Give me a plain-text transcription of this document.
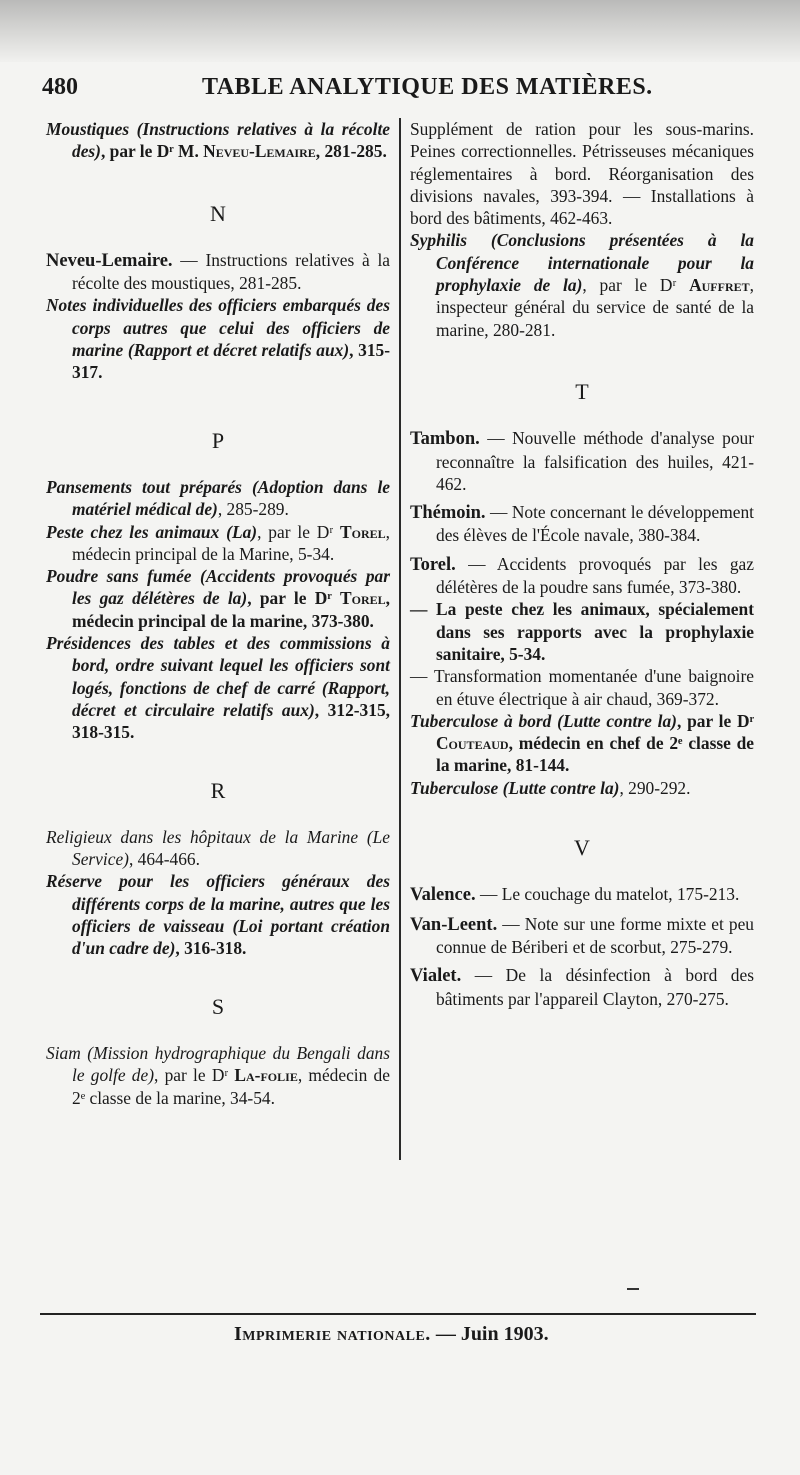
480	TABLE ANALYTIQUE DES MATIÈRES.
Moustiques (Instructions relatives à la récolte des), par le Dʳ M. Neveu-Lemaire, 281-285.
N
Neveu-Lemaire. — Instructions relatives à la récolte des moustiques, 281-285.
Notes individuelles des officiers embarqués des corps autres que celui des officiers de marine (Rapport et décret relatifs aux), 315-317.
P
Pansements tout préparés (Adoption dans le matériel médical de), 285-289.
Peste chez les animaux (La), par le Dʳ Torel, médecin principal de la Marine, 5-34.
Poudre sans fumée (Accidents provoqués par les gaz délétères de la), par le Dʳ Torel, médecin principal de la marine, 373-380.
Présidences des tables et des commissions à bord, ordre suivant lequel les officiers sont logés, fonctions de chef de carré (Rapport, décret et circulaire relatifs aux), 312-315, 318-315.
R
Religieux dans les hôpitaux de la Marine (Le Service), 464-466.
Réserve pour les officiers généraux des différents corps de la marine, autres que les officiers de vaisseau (Loi portant création d'un cadre de), 316-318.
S
Siam (Mission hydrographique du Bengali dans le golfe de), par le Dʳ La-folie, médecin de 2ᵉ classe de la marine, 34-54.
Supplément de ration pour les sous-marins. Peines correctionnelles. Pétrisseuses mécaniques réglementaires à bord. Réorganisation des divisions navales, 393-394. — Installations à bord des bâtiments, 462-463.
Syphilis (Conclusions présentées à la Conférence internationale pour la prophylaxie de la), par le Dʳ Auffret, inspecteur général du service de santé de la marine, 280-281.
T
Tambon. — Nouvelle méthode d'analyse pour reconnaître la falsification des huiles, 421-462.
Thémoin. — Note concernant le développement des élèves de l'École navale, 380-384.
Torel. — Accidents provoqués par les gaz délétères de la poudre sans fumée, 373-380.
— La peste chez les animaux, spécialement dans ses rapports avec la prophylaxie sanitaire, 5-34.
— Transformation momentanée d'une baignoire en étuve électrique à air chaud, 369-372.
Tuberculose à bord (Lutte contre la), par le Dʳ Couteaud, médecin en chef de 2ᵉ classe de la marine, 81-144.
Tuberculose (Lutte contre la), 290-292.
V
Valence. — Le couchage du matelot, 175-213.
Van-Leent. — Note sur une forme mixte et peu connue de Bériberi et de scorbut, 275-279.
Vialet. — De la désinfection à bord des bâtiments par l'appareil Clayton, 270-275.
Imprimerie nationale. — Juin 1903.
